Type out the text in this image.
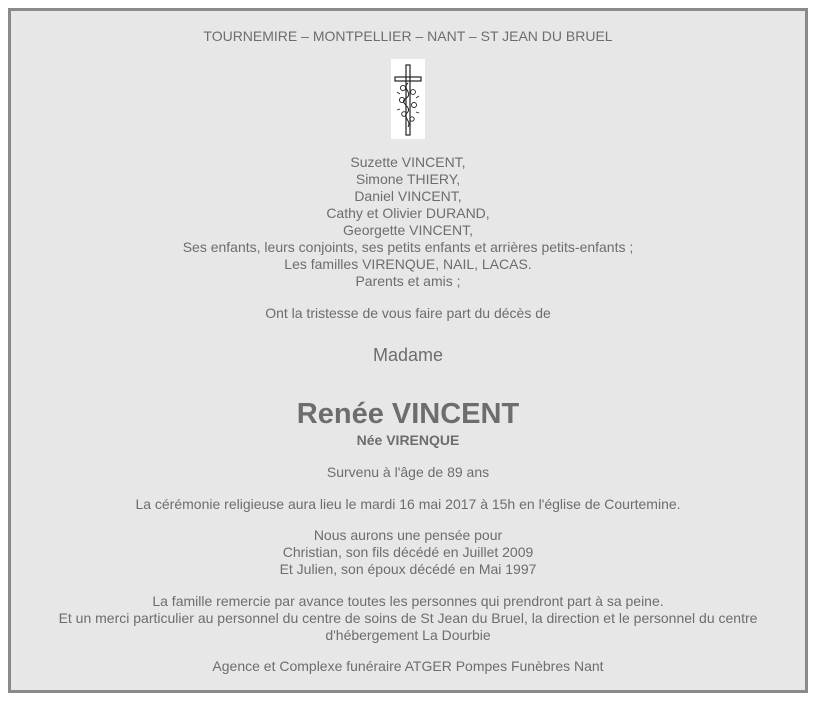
TOURNEMIRE – MONTPELLIER – NANT – ST JEAN DU BRUEL
Suzette VINCENT,
Simone THIERY,
Daniel VINCENT,
Cathy et Olivier DURAND,
Georgette VINCENT,
Ses enfants, leurs conjoints, ses petits enfants et arrières petits-enfants ;
Les familles VIRENQUE, NAIL, LACAS.
Parents et amis ;
Ont la tristesse de vous faire part du décès de
Madame
Renée VINCENT
Née VIRENQUE
Survenu à l'âge de 89 ans
La cérémonie religieuse aura lieu le mardi 16 mai 2017 à 15h en l'église de Courtemine.
Nous aurons une pensée pour
Christian, son fils décédé en Juillet 2009
Et Julien, son époux décédé en Mai 1997
La famille remercie par avance toutes les personnes qui prendront part à sa peine.
Et un merci particulier au personnel du centre de soins de St Jean du Bruel, la direction et le personnel du centre
d'hébergement La Dourbie
Agence et Complexe funéraire ATGER Pompes Funèbres Nant
